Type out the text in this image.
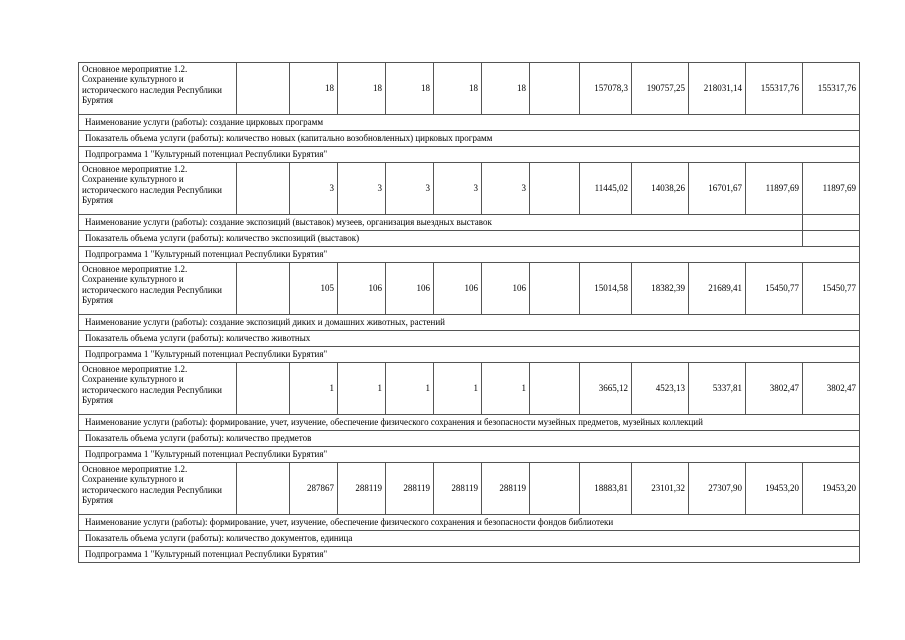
Основное мероприятие 1.2. Сохранение культурного и исторического наследия Республики Бурятия		18	18	18	18	18		157078,3	190757,25	218031,14	155317,76	155317,76
Наименование услуги (работы): создание цирковых программ												
Показатель объема услуги (работы): количество новых (капитально возобновленных) цирковых программ												
Подпрограмма 1 "Культурный потенциал Республики Бурятия"												
Основное мероприятие 1.2. Сохранение культурного и исторического наследия Республики Бурятия		3	3	3	3	3		11445,02	14038,26	16701,67	11897,69	11897,69
Наименование услуги (работы): создание экспозиций (выставок) музеев, организация выездных выставок												
Показатель объема услуги (работы): количество экспозиций (выставок)												
Подпрограмма 1 "Культурный потенциал Республики Бурятия"												
Основное мероприятие 1.2. Сохранение культурного и исторического наследия Республики Бурятия		105	106	106	106	106		15014,58	18382,39	21689,41	15450,77	15450,77
Наименование услуги (работы): создание экспозиций диких и домашних животных, растений												
Показатель объема услуги (работы): количество животных												
Подпрограмма 1 "Культурный потенциал Республики Бурятия"												
Основное мероприятие 1.2. Сохранение культурного и исторического наследия Республики Бурятия		1	1	1	1	1		3665,12	4523,13	5337,81	3802,47	3802,47
Наименование услуги (работы): формирование, учет, изучение, обеспечение физического сохранения и безопасности музейных предметов, музейных коллекций												
Показатель объема услуги (работы): количество предметов												
Подпрограмма 1 "Культурный потенциал Республики Бурятия"												
Основное мероприятие 1.2. Сохранение культурного и исторического наследия Республики Бурятия		287867	288119	288119	288119	288119		18883,81	23101,32	27307,90	19453,20	19453,20
Наименование услуги (работы): формирование, учет, изучение, обеспечение физического сохранения и безопасности фондов библиотеки												
Показатель объема услуги (работы): количество документов, единица												
Подпрограмма 1 "Культурный потенциал Республики Бурятия"												
